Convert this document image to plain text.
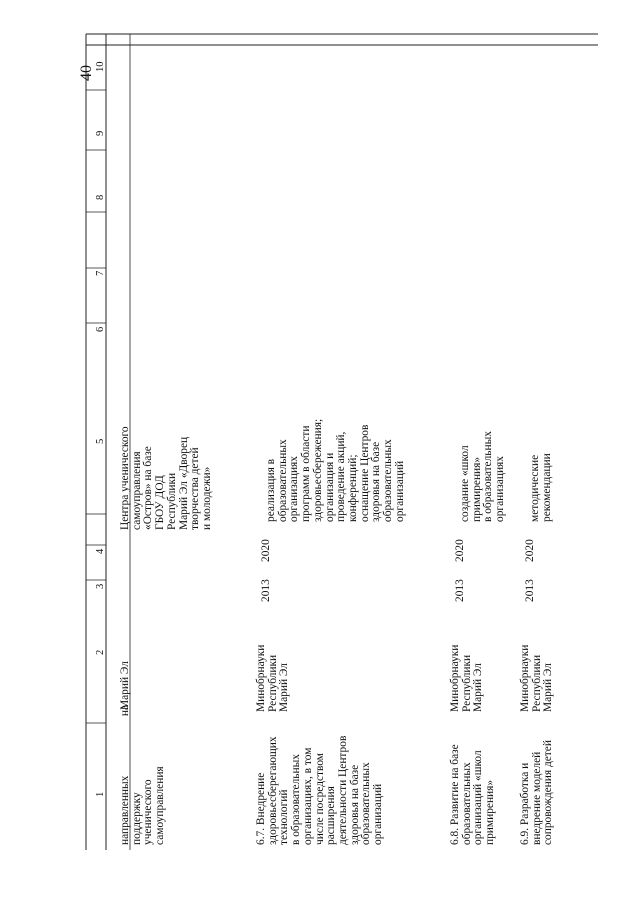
40
1
2
3
4
5
6
7
8
9
10
направленных на поддержку ученического самоуправления
Марий Эл
Центра ученического самоуправления «Остров» на базе ГБОУ ДОД Республики Марий Эл «Дворец творчества детей и молодежи»
6.7. Внедрение здоровьесберегающих технологий в образовательных организациях, в том числе посредством расширения деятельности Центров здоровья на базе образовательных организаций
Минобрнауки Республики Марий Эл
2013
2020
реализация в образовательных организациях программ в области здоровьесбережения; организация и проведение акций, конференций; оснащение Центров здоровья на базе образовательных организаций
6.8. Развитие на базе образовательных организаций «школ примирения»
Минобрнауки Республики Марий Эл
2013
2020
создание «школ примирения» в образовательных организациях
6.9. Разработка и внедрение моделей сопровождения детей
Минобрнауки Республики Марий Эл
2013
2020
методические рекомендации
